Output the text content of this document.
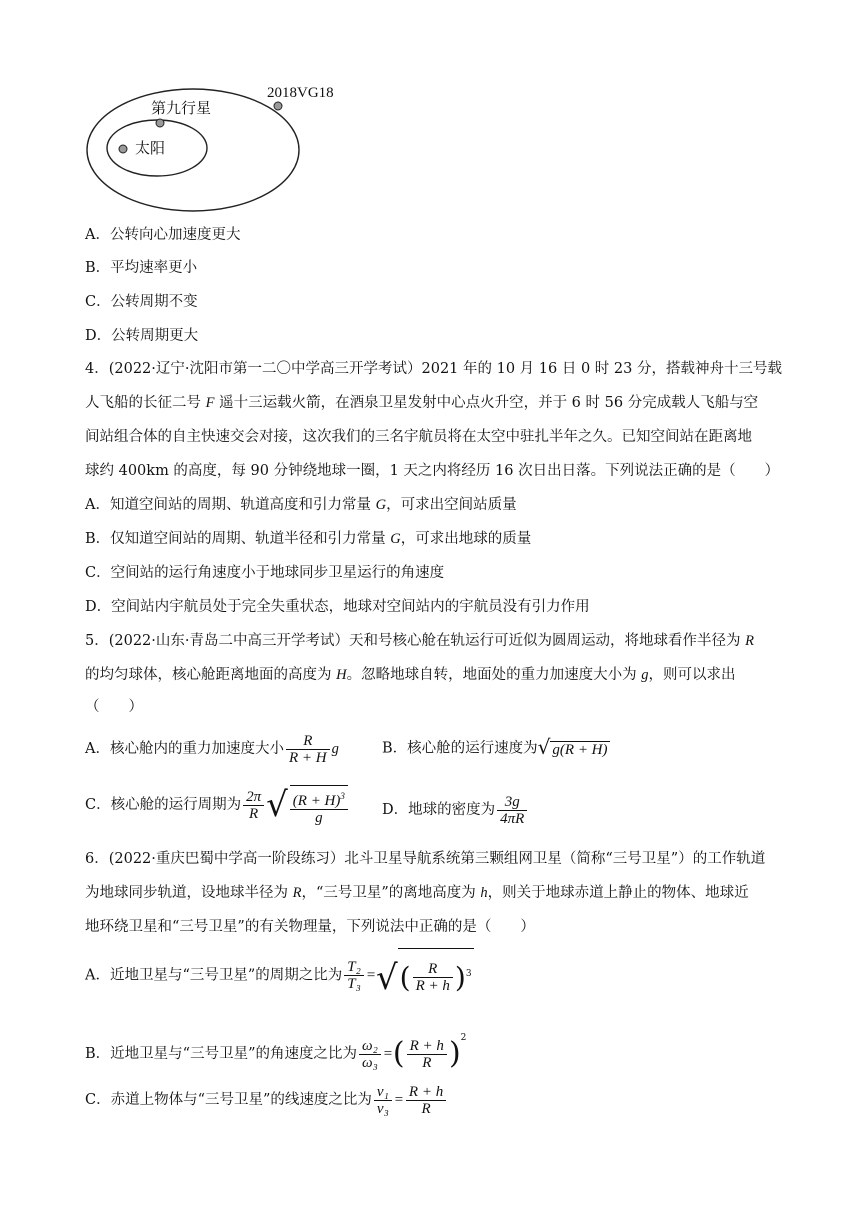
2018VG18
第九行星
太阳
A．公转向心加速度更大
B．平均速率更小
C．公转周期不变
D．公转周期更大
4．(2022·辽宁·沈阳市第一二〇中学高三开学考试）2021 年的 10 月 16 日 0 时 23 分，搭载神舟十三号载
人飞船的长征二号 F 遥十三运载火箭，在酒泉卫星发射中心点火升空，并于 6 时 56 分完成载人飞船与空
间站组合体的自主快速交会对接，这次我们的三名宇航员将在太空中驻扎半年之久。已知空间站在距离地
球约 400km 的高度，每 90 分钟绕地球一圈，1 天之内将经历 16 次日出日落。下列说法正确的是（　　）
A．知道空间站的周期、轨道高度和引力常量 G，可求出空间站质量
B．仅知道空间站的周期、轨道半径和引力常量 G，可求出地球的质量
C．空间站的运行角速度小于地球同步卫星运行的角速度
D．空间站内宇航员处于完全失重状态，地球对空间站内的宇航员没有引力作用
5．(2022·山东·青岛二中高三开学考试）天和号核心舱在轨运行可近似为圆周运动，将地球看作半径为 R
的均匀球体，核心舱距离地面的高度为 H。忽略地球自转，地面处的重力加速度大小为 g，则可以求出
（　　）
A．核心舱内的重力加速度大小 $\frac{R}{R + H}$ g	B．核心舱的运行速度为√ g(R + H)
C．核心舱的运行周期为 $\frac{2\pi}{R}$ √ $\frac{(R + H)^3}{g}$ D．地球的密度为 $\frac{3g}{4\pi R}$
6．(2022·重庆巴蜀中学高一阶段练习）北斗卫星导航系统第三颗组网卫星（简称“三号卫星”）的工作轨道
为地球同步轨道，设地球半径为 R，“三号卫星”的离地高度为 h，则关于地球赤道上静止的物体、地球近
地环绕卫星和“三号卫星”的有关物理量，下列说法中正确的是（　　）
A．近地卫星与“三号卫星”的周期之比为 $\frac{\text{T₂}}{\text{T₃}}$ =√( $\frac{R}{R + h} )^3$
B．近地卫星与“三号卫星”的角速度之比为 $\frac{\text{ω₂}}{\text{ω₃}}$ =( $\frac{R + h}{R} )^2$
C．赤道上物体与“三号卫星”的线速度之比为 $\frac{\text{v₁}}{\text{v₃}} = \frac{R + h}{R}$
